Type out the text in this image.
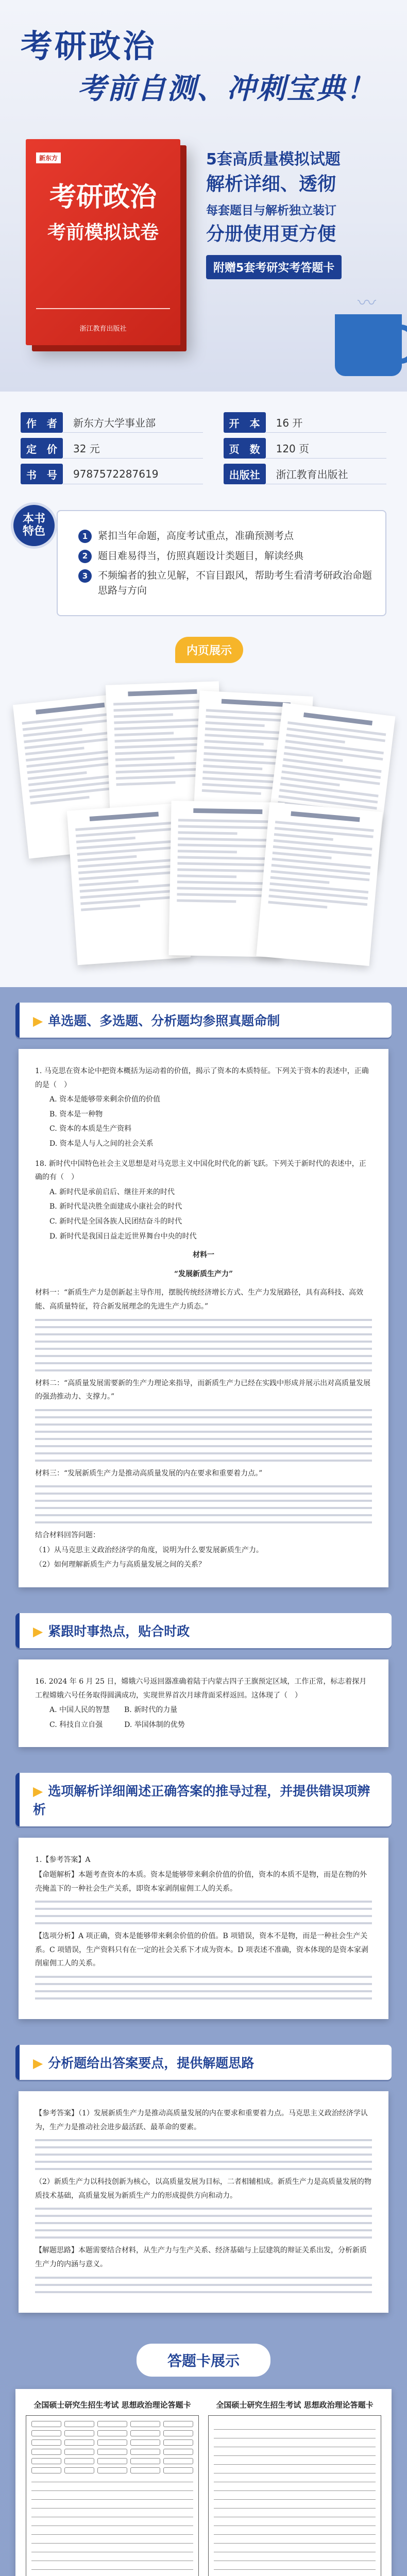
考研政治
考前自测、冲刺宝典！
新东方
考研政治
考前模拟试卷
浙江教育出版社
5套高质量模拟试题
解析详细、透彻
每套题目与解析独立装订
分册使用更方便
附赠5套考研实考答题卡
〰
作　者	新东方大学事业部		开　本	16 开
定　价	32 元		页　数	120 页
书　号	9787572287619		出版社	浙江教育出版社
本书
特色	1	紧扣当年命题，高度考试重点，准确预测考点
2	题目难易得当，仿照真题设计类题目，解读经典
3	不频编者的独立见解，不盲目跟风，帮助考生看清考研政治命题思路与方向
内页展示
▶ 单选题、多选题、分析题均参照真题命制

1. 马克思在资本论中把资本概括为运动着的价值，揭示了资本的本质特征。下列关于资本的表述中，正确的是（　）

A. 资本是能够带来剩余价值的价值

B. 资本是一种物

C. 资本的本质是生产资料

D. 资本是人与人之间的社会关系

18. 新时代中国特色社会主义思想是对马克思主义中国化时代化的新飞跃。下列关于新时代的表述中，正确的有（　）

A. 新时代是承前启后、继往开来的时代

B. 新时代是决胜全面建成小康社会的时代

C. 新时代是全国各族人民团结奋斗的时代

D. 新时代是我国日益走近世界舞台中央的时代

材料一

“发展新质生产力”

材料一：“新质生产力是创新起主导作用，摆脱传统经济增长方式、生产力发展路径，具有高科技、高效能、高质量特征，符合新发展理念的先进生产力质态。”

材料二：“高质量发展需要新的生产力理论来指导，而新质生产力已经在实践中形成并展示出对高质量发展的强劲推动力、支撑力。”

材料三：“发展新质生产力是推动高质量发展的内在要求和重要着力点。”

结合材料回答问题：

（1）从马克思主义政治经济学的角度，说明为什么要发展新质生产力。

（2）如何理解新质生产力与高质量发展之间的关系？

▶ 紧跟时事热点，贴合时政

16. 2024 年 6 月 25 日，嫦娥六号返回器准确着陆于内蒙古四子王旗预定区域，工作正常，标志着探月工程嫦娥六号任务取得圆满成功，实现世界首次月球背面采样返回。这体现了（　）

A. 中国人民的智慧　　B. 新时代的力量

C. 科技自立自强　　　D. 举国体制的优势

▶ 选项解析详细阐述正确答案的推导过程，并提供错误项辨析

1.【参考答案】A

【命题解析】本题考查资本的本质。资本是能够带来剩余价值的价值，资本的本质不是物，而是在物的外壳掩盖下的一种社会生产关系，即资本家剥削雇佣工人的关系。

【选项分析】A 项正确，资本是能够带来剩余价值的价值。B 项错误，资本不是物，而是一种社会生产关系。C 项错误，生产资料只有在一定的社会关系下才成为资本。D 项表述不准确，资本体现的是资本家剥削雇佣工人的关系。

▶ 分析题给出答案要点，提供解题思路

【参考答案】（1）发展新质生产力是推动高质量发展的内在要求和重要着力点。马克思主义政治经济学认为，生产力是推动社会进步最活跃、最革命的要素。

（2）新质生产力以科技创新为核心，以高质量发展为目标，二者相辅相成。新质生产力是高质量发展的物质技术基础，高质量发展为新质生产力的形成提供方向和动力。

【解题思路】本题需要结合材料，从生产力与生产关系、经济基础与上层建筑的辩证关系出发，分析新质生产力的内涵与意义。

答题卡展示
全国硕士研究生招生考试 思想政治理论答题卡	全国硕士研究生招生考试 思想政治理论答题卡
